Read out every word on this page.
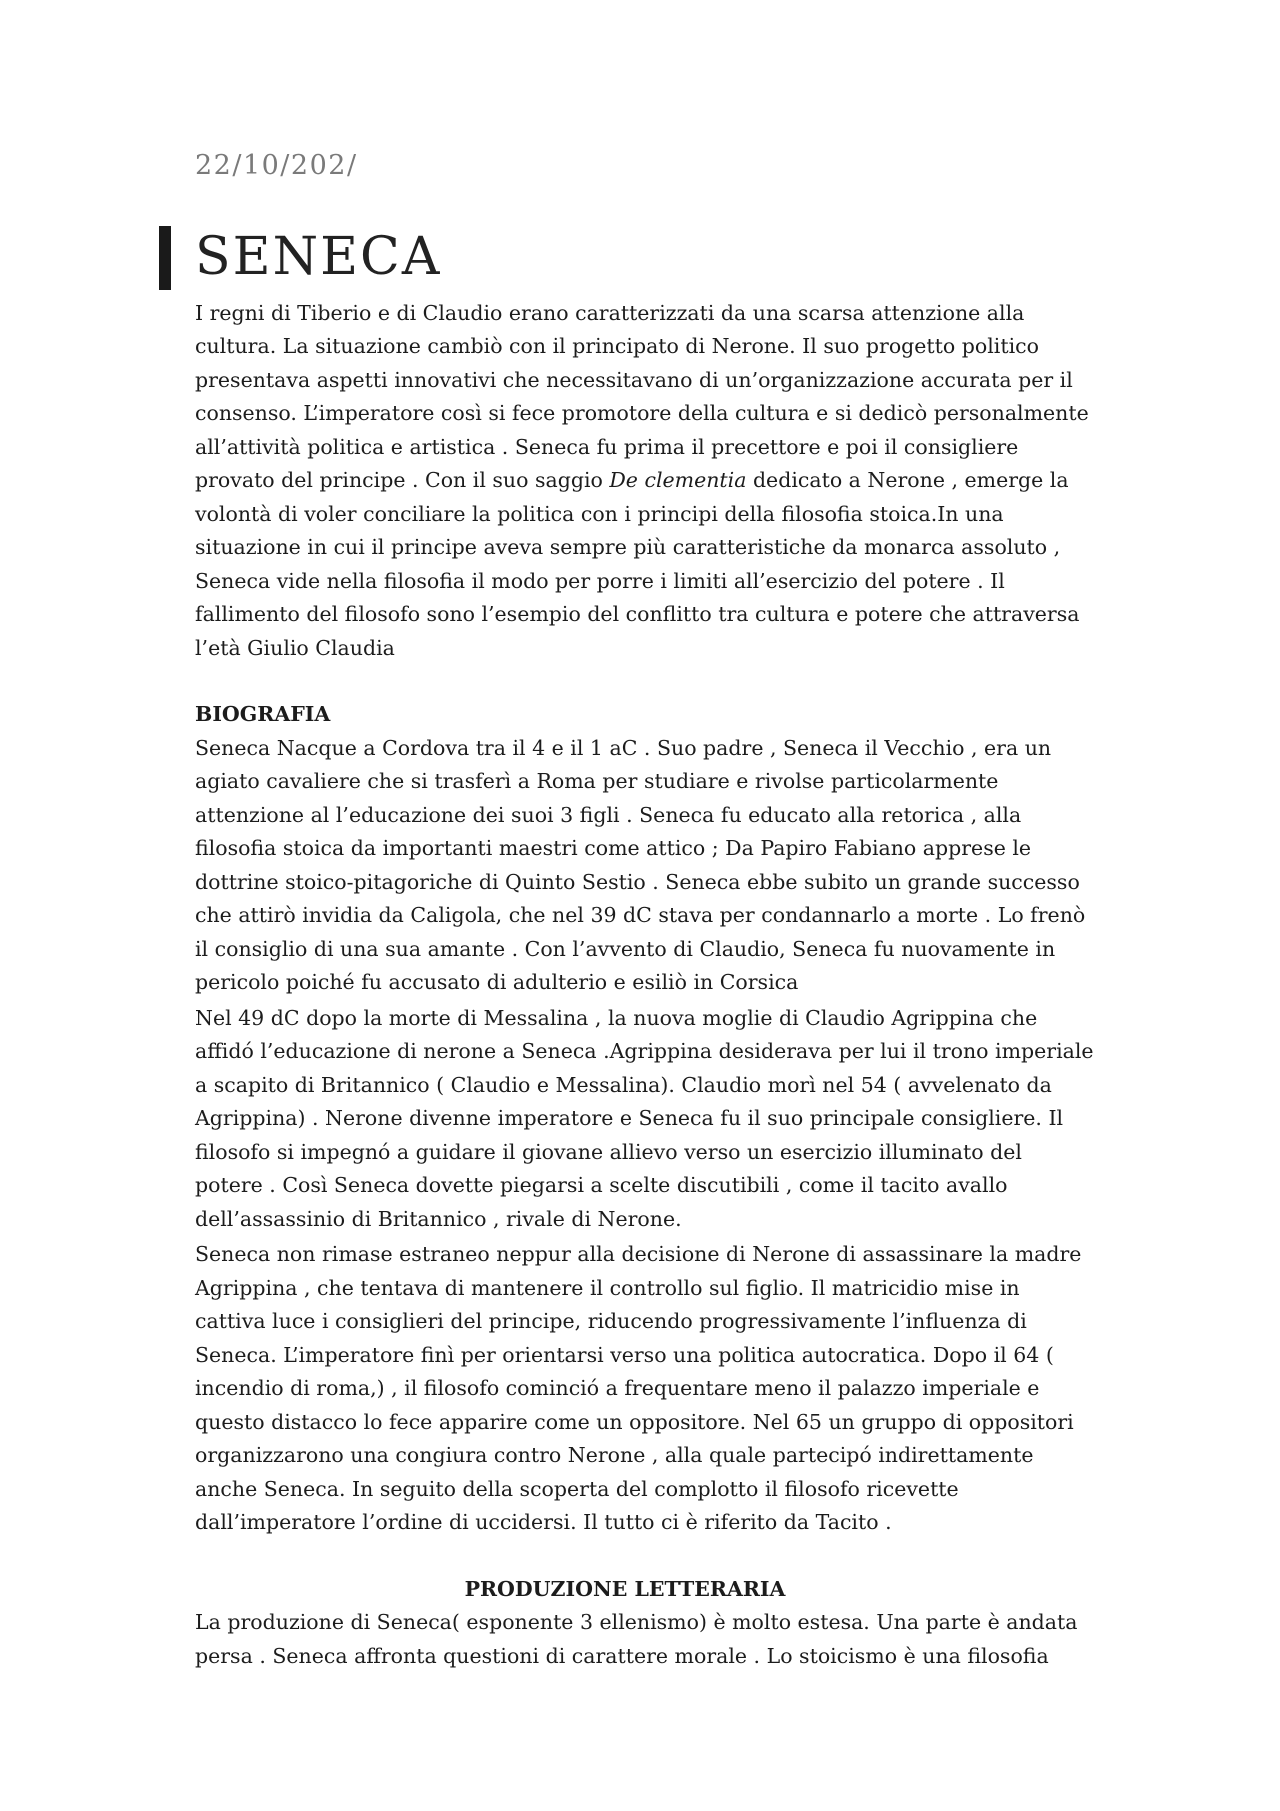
22/10/202/
SENECA

I regni di Tiberio e di Claudio erano caratterizzati da una scarsa attenzione alla cultura. La situazione cambiò con il principato di Nerone. Il suo progetto politico presentava aspetti innovativi che necessitavano di un’organizzazione accurata per il consenso. L’imperatore così si fece promotore della cultura e si dedicò personalmente all’attività politica e artistica . Seneca fu prima il precettore e poi il consigliere provato del principe . Con il suo saggio De clementia dedicato a Nerone , emerge la volontà di voler conciliare la politica con i principi della filosofia stoica.In una situazione in cui il principe aveva sempre più caratteristiche da monarca assoluto , Seneca vide nella filosofia il modo per porre i limiti all’esercizio del potere . Il fallimento del filosofo sono l’esempio del conflitto tra cultura e potere che attraversa l’età Giulio Claudia

BIOGRAFIA

Seneca Nacque a Cordova tra il 4 e il 1 aC . Suo padre , Seneca il Vecchio , era un agiato cavaliere che si trasferì a Roma per studiare e rivolse particolarmente attenzione al l’educazione dei suoi 3 figli . Seneca fu educato alla retorica , alla filosofia stoica da importanti maestri come attico ; Da Papiro Fabiano apprese le dottrine stoico-pitagoriche di Quinto Sestio . Seneca ebbe subito un grande successo che attirò invidia da Caligola, che nel 39 dC stava per condannarlo a morte . Lo frenò il consiglio di una sua amante . Con l’avvento di Claudio, Seneca fu nuovamente in pericolo poiché fu accusato di adulterio e esiliò in Corsica

Nel 49 dC dopo la morte di Messalina , la nuova moglie di Claudio Agrippina che affidó l’educazione di nerone a Seneca .Agrippina desiderava per lui il trono imperiale a scapito di Britannico ( Claudio e Messalina). Claudio morì nel 54 ( avvelenato da Agrippina) . Nerone divenne imperatore e Seneca fu il suo principale consigliere. Il filosofo si impegnó a guidare il giovane allievo verso un esercizio illuminato del potere . Così Seneca dovette piegarsi a scelte discutibili , come il tacito avallo dell’assassinio di Britannico , rivale di Nerone.

Seneca non rimase estraneo neppur alla decisione di Nerone di assassinare la madre Agrippina , che tentava di mantenere il controllo sul figlio. Il matricidio mise in cattiva luce i consiglieri del principe, riducendo progressivamente l’influenza di Seneca. L’imperatore finì per orientarsi verso una politica autocratica. Dopo il 64 ( incendio di roma,) , il filosofo cominció a frequentare meno il palazzo imperiale e questo distacco lo fece apparire come un oppositore. Nel 65 un gruppo di oppositori organizzarono una congiura contro Nerone , alla quale partecipó indirettamente anche Seneca. In seguito della scoperta del complotto il filosofo ricevette dall’imperatore l’ordine di uccidersi. Il tutto ci è riferito da Tacito .

PRODUZIONE LETTERARIA

La produzione di Seneca( esponente 3 ellenismo) è molto estesa. Una parte è andata persa . Seneca affronta questioni di carattere morale . Lo stoicismo è una filosofia
